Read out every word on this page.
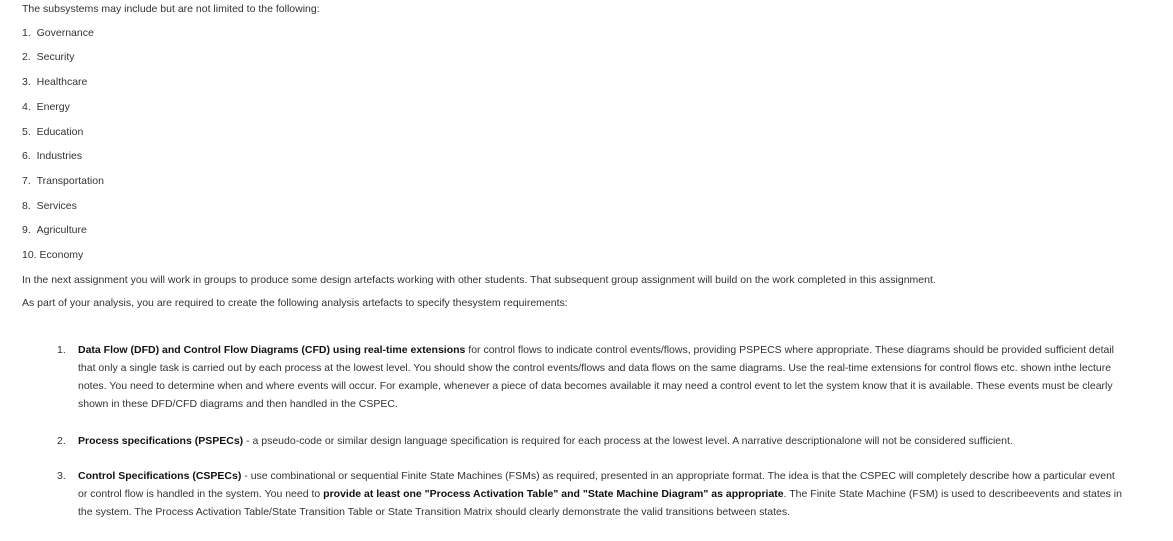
The subsystems may include but are not limited to the following:
1. Governance
2. Security
3. Healthcare
4. Energy
5. Education
6. Industries
7. Transportation
8. Services
9. Agriculture
10. Economy
In the next assignment you will work in groups to produce some design artefacts working with other students. That subsequent group assignment will build on the work completed in this assignment.
As part of your analysis, you are required to create the following analysis artefacts to specify thesystem requirements:
1. Data Flow (DFD) and Control Flow Diagrams (CFD) using real-time extensions for control flows to indicate control events/flows, providing PSPECS where appropriate. These diagrams should be provided sufficient detail that only a single task is carried out by each process at the lowest level. You should show the control events/flows and data flows on the same diagrams. Use the real-time extensions for control flows etc. shown inthe lecture notes. You need to determine when and where events will occur. For example, whenever a piece of data becomes available it may need a control event to let the system know that it is available. These events must be clearly shown in these DFD/CFD diagrams and then handled in the CSPEC.
2. Process specifications (PSPECs) - a pseudo-code or similar design language specification is required for each process at the lowest level. A narrative descriptionalone will not be considered sufficient.
3. Control Specifications (CSPECs) - use combinational or sequential Finite State Machines (FSMs) as required, presented in an appropriate format. The idea is that the CSPEC will completely describe how a particular event or control flow is handled in the system. You need to provide at least one "Process Activation Table" and "State Machine Diagram" as appropriate. The Finite State Machine (FSM) is used to describeevents and states in the system. The Process Activation Table/State Transition Table or State Transition Matrix should clearly demonstrate the valid transitions between states.
